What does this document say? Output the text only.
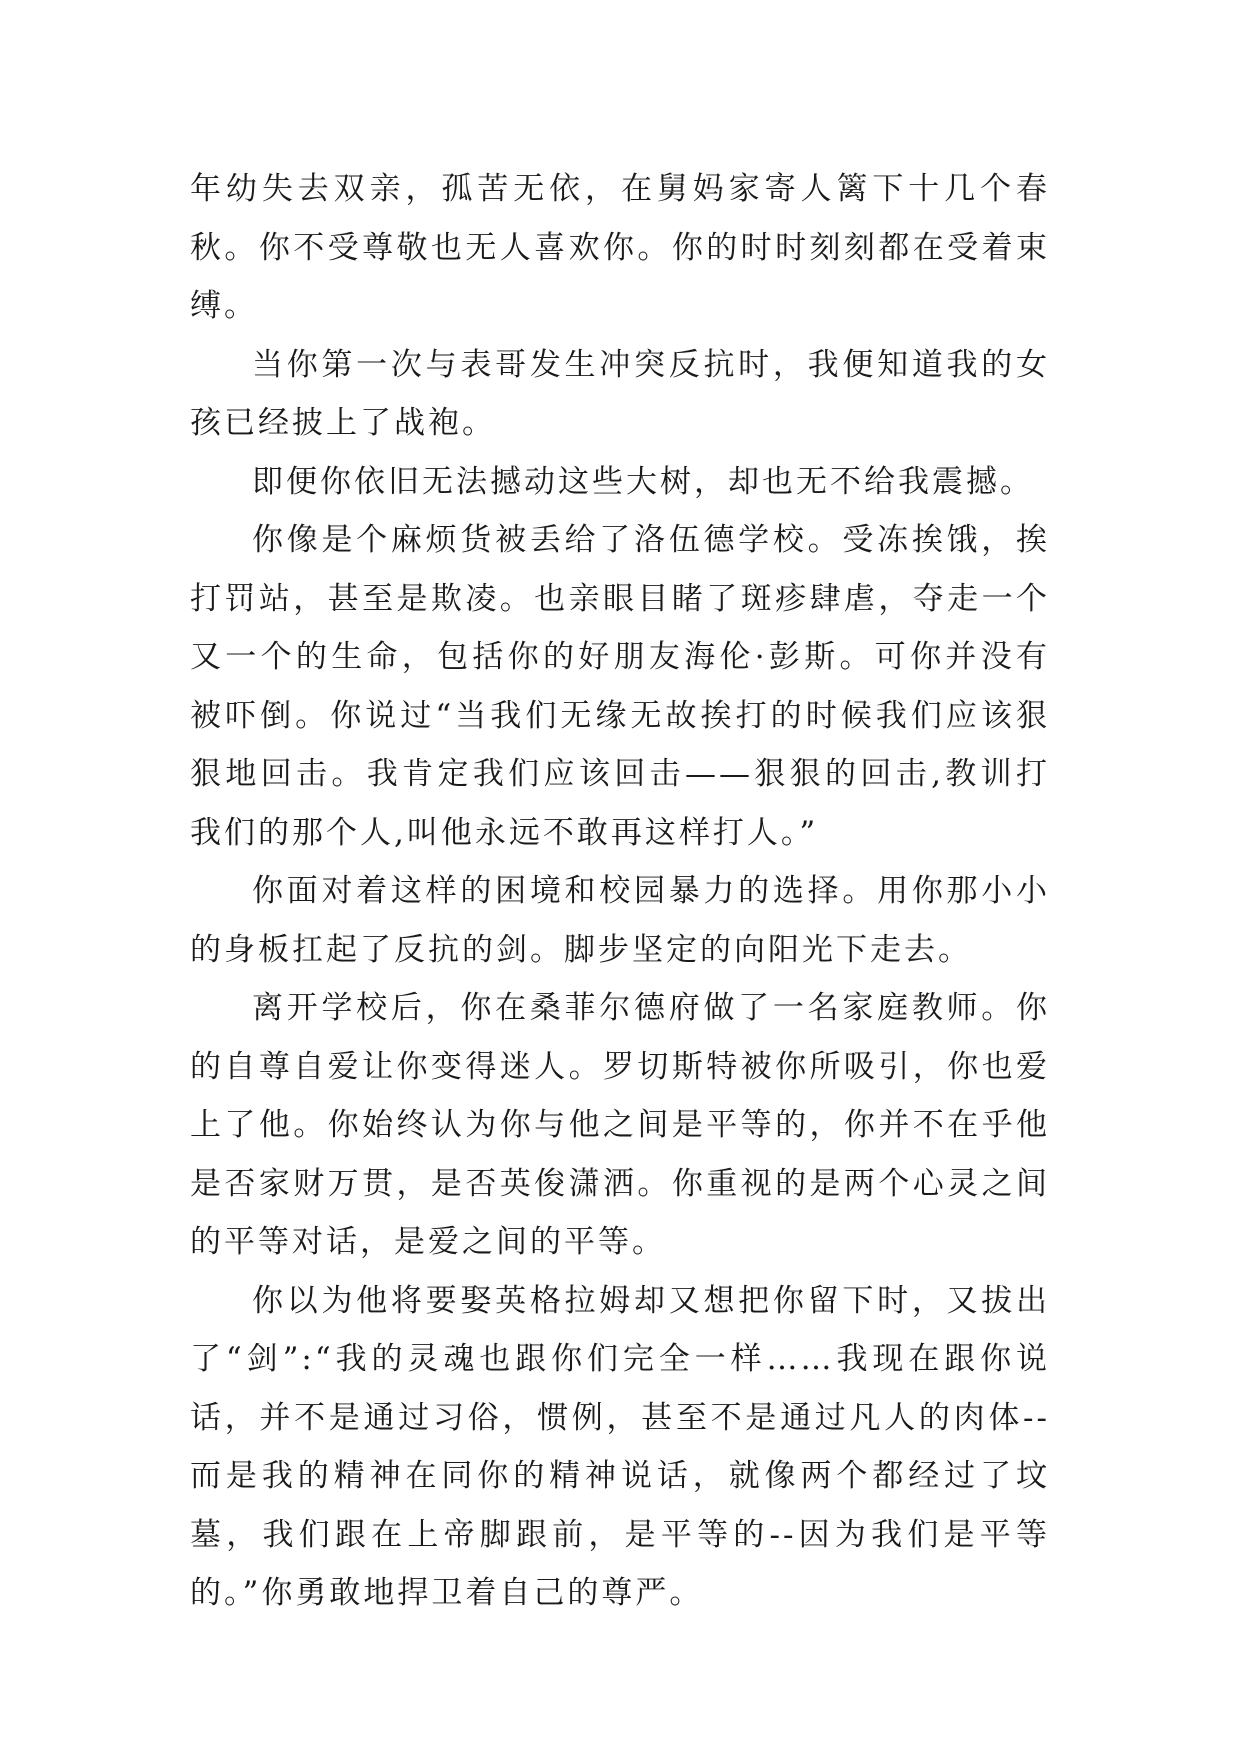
年幼失去双亲，孤苦无依，在舅妈家寄人篱下十几个春秋。你不受尊敬也无人喜欢你。你的时时刻刻都在受着束缚。

当你第一次与表哥发生冲突反抗时，我便知道我的女孩已经披上了战袍。

即便你依旧无法撼动这些大树，却也无不给我震撼。

你像是个麻烦货被丢给了洛伍德学校。受冻挨饿，挨打罚站，甚至是欺凌。也亲眼目睹了斑疹肆虐，夺走一个又一个的生命，包括你的好朋友海伦·彭斯。可你并没有被吓倒。你说过“当我们无缘无故挨打的时候我们应该狠狠地回击。我肯定我们应该回击——狠狠的回击,教训打我们的那个人,叫他永远不敢再这样打人。”

你面对着这样的困境和校园暴力的选择。用你那小小的身板扛起了反抗的剑。脚步坚定的向阳光下走去。

离开学校后，你在桑菲尔德府做了一名家庭教师。你的自尊自爱让你变得迷人。罗切斯特被你所吸引，你也爱上了他。你始终认为你与他之间是平等的，你并不在乎他是否家财万贯，是否英俊潇洒。你重视的是两个心灵之间的平等对话，是爱之间的平等。

你以为他将要娶英格拉姆却又想把你留下时，又拔出了“剑”:“我的灵魂也跟你们完全一样……我现在跟你说话，并不是通过习俗，惯例，甚至不是通过凡人的肉体--而是我的精神在同你的精神说话，就像两个都经过了坟墓，我们跟在上帝脚跟前，是平等的--因为我们是平等的。”你勇敢地捍卫着自己的尊严。
